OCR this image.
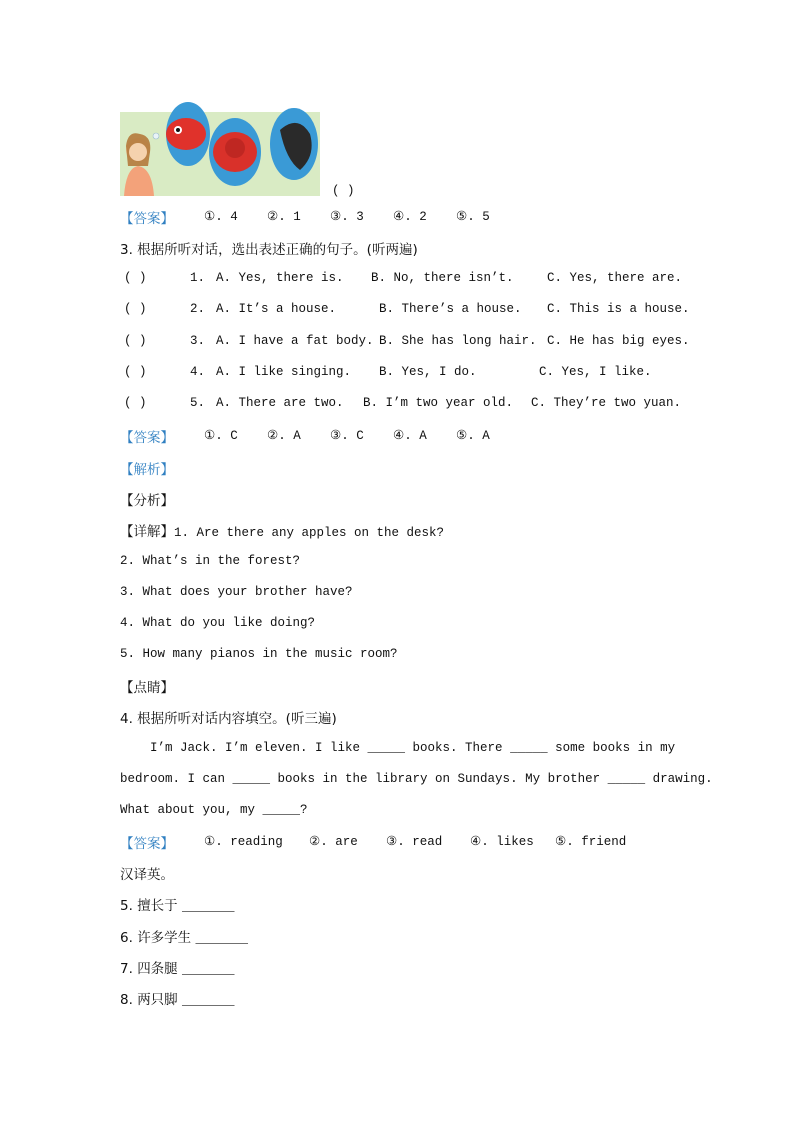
( )
【答案】 ①. 4 ②. 1 ③. 3 ④. 2 ⑤. 5
3. 根据所听对话，选出表述正确的句子。(听两遍)
( )	1. A. Yes, there is. B. No, there isn’t.	C. Yes, there are.
( )	2. A. It’s a house.	B. There’s a house. C. This is a house.
( )	3. A. I have a fat body. B. She has long hair. C. He has big eyes.
( )	4. A. I like singing. B. Yes, I do.	C. Yes, I like.
( )	5. A. There are two. B. I’m two year old. C. They’re two yuan.
【答案】 ①. C ②. A ③. C ④. A ⑤. A
【解析】
【分析】
【详解】1. Are there any apples on the desk?
2. What’s in the forest?
3. What does your brother have?
4. What do you like doing?
5. How many pianos in the music room?
【点睛】
4. 根据所听对话内容填空。(听三遍)
I’m Jack. I’m eleven. I like _____ books. There _____ some books in my
bedroom. I can _____ books in the library on Sundays. My brother _____ drawing.
What about you, my _____?
【答案】 ①. reading ②. are ③. read ④. likes ⑤. friend
汉译英。
5. 擅长于 _______
6. 许多学生 _______
7. 四条腿 _______
8. 两只脚 _______
